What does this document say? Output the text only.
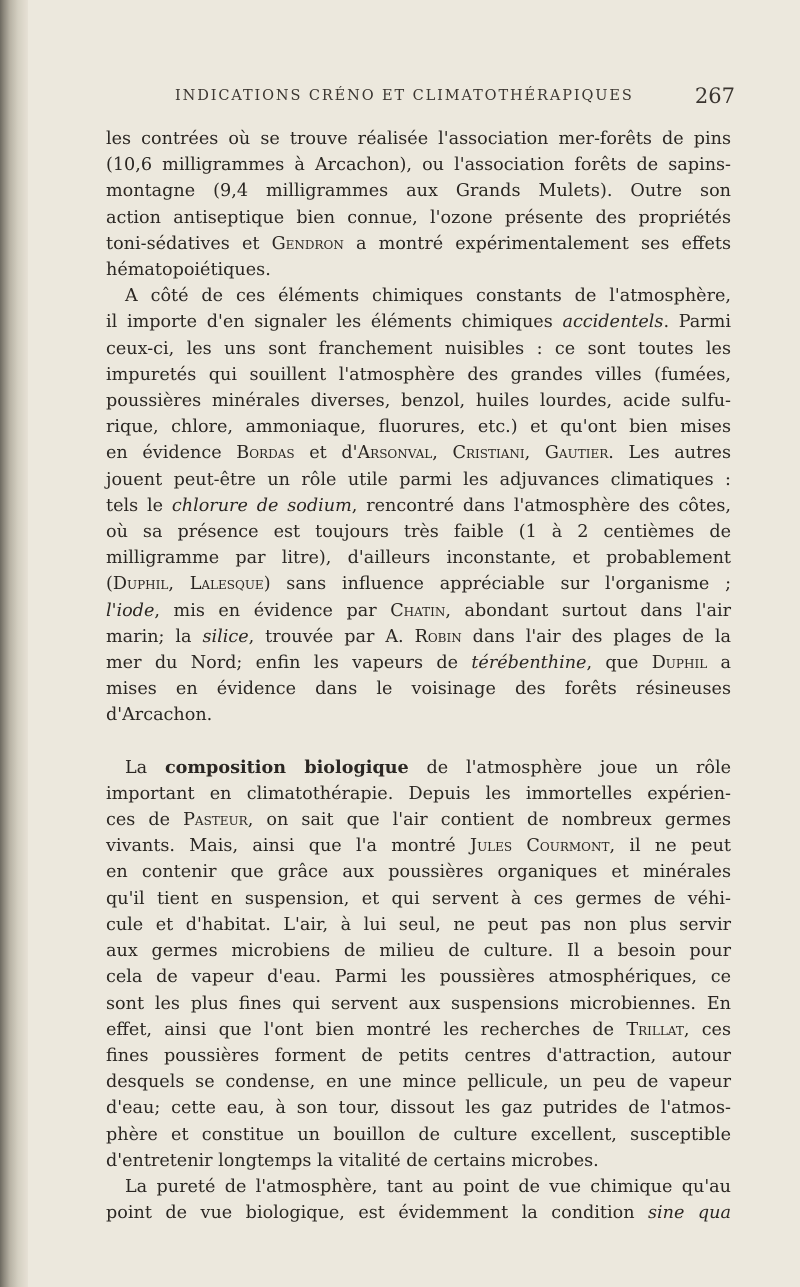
INDICATIONS CRÉNO ET CLIMATOTHÉRAPIQUES	267

les contrées où se trouve réalisée l'association mer-forêts de pins
(10,6 milligrammes à Arcachon), ou l'association forêts de sapins-
montagne (9,4 milligrammes aux Grands Mulets). Outre son
action antiseptique bien connue, l'ozone présente des propriétés
toni-sédatives et Gendron a montré expérimentalement ses effets
hématopoiétiques.

A côté de ces éléments chimiques constants de l'atmosphère,
il importe d'en signaler les éléments chimiques accidentels. Parmi
ceux-ci, les uns sont franchement nuisibles : ce sont toutes les
impuretés qui souillent l'atmosphère des grandes villes (fumées,
poussières minérales diverses, benzol, huiles lourdes, acide sulfu-
rique, chlore, ammoniaque, fluorures, etc.) et qu'ont bien mises
en évidence Bordas et d'Arsonval, Cristiani, Gautier. Les autres
jouent peut-être un rôle utile parmi les adjuvances climatiques :
tels le chlorure de sodium, rencontré dans l'atmosphère des côtes,
où sa présence est toujours très faible (1 à 2 centièmes de
milligramme par litre), d'ailleurs inconstante, et probablement
(Duphil, Lalesque) sans influence appréciable sur l'organisme ;
l'iode, mis en évidence par Chatin, abondant surtout dans l'air
marin; la silice, trouvée par A. Robin dans l'air des plages de la
mer du Nord; enfin les vapeurs de térébenthine, que Duphil a
mises en évidence dans le voisinage des forêts résineuses
d'Arcachon.

La composition biologique de l'atmosphère joue un rôle
important en climatothérapie. Depuis les immortelles expérien-
ces de Pasteur, on sait que l'air contient de nombreux germes
vivants. Mais, ainsi que l'a montré Jules Courmont, il ne peut
en contenir que grâce aux poussières organiques et minérales
qu'il tient en suspension, et qui servent à ces germes de véhi-
cule et d'habitat. L'air, à lui seul, ne peut pas non plus servir
aux germes microbiens de milieu de culture. Il a besoin pour
cela de vapeur d'eau. Parmi les poussières atmosphériques, ce
sont les plus fines qui servent aux suspensions microbiennes. En
effet, ainsi que l'ont bien montré les recherches de Trillat, ces
fines poussières forment de petits centres d'attraction, autour
desquels se condense, en une mince pellicule, un peu de vapeur
d'eau; cette eau, à son tour, dissout les gaz putrides de l'atmos-
phère et constitue un bouillon de culture excellent, susceptible
d'entretenir longtemps la vitalité de certains microbes.

La pureté de l'atmosphère, tant au point de vue chimique qu'au
point de vue biologique, est évidemment la condition sine qua
